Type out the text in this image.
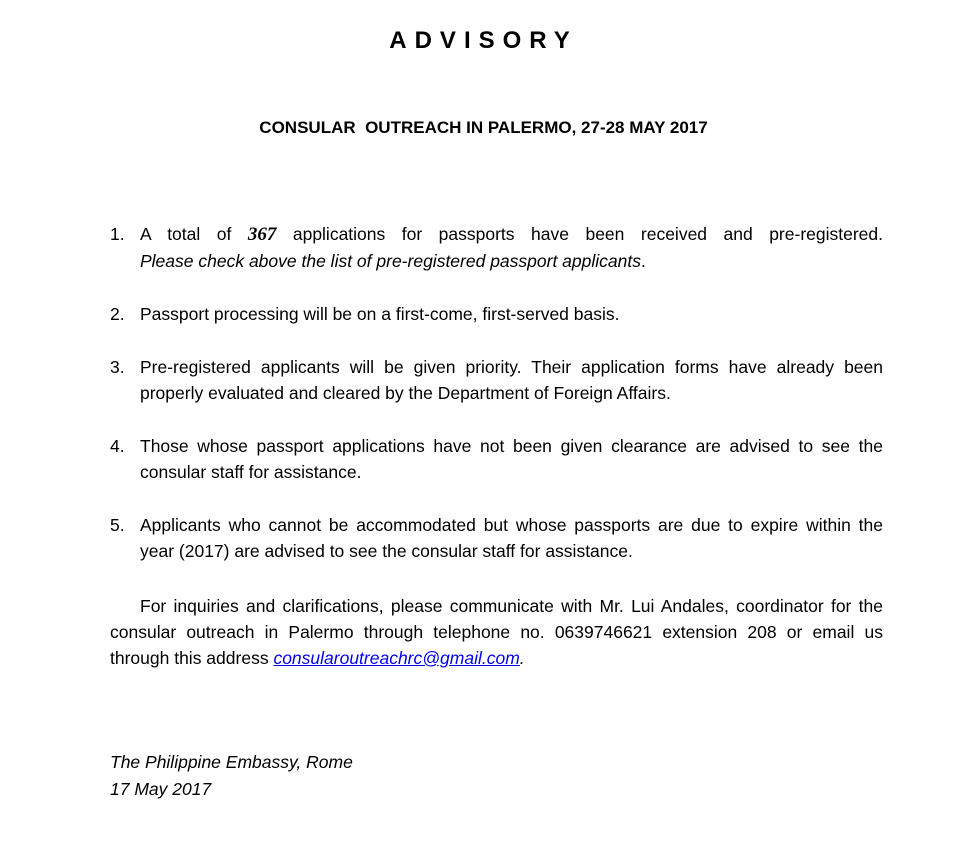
ADVISORY
CONSULAR  OUTREACH IN PALERMO, 27-28 MAY 2017
1. A total of 367 applications for passports have been received and pre-registered.
Please check above the list of pre-registered passport applicants.
2. Passport processing will be on a first-come, first-served basis.
3. Pre-registered applicants will be given priority. Their application forms have already been properly evaluated and cleared by the Department of Foreign Affairs.
4. Those whose passport applications have not been given clearance are advised to see the consular staff for assistance.
5. Applicants who cannot be accommodated but whose passports are due to expire within the year (2017) are advised to see the consular staff for assistance.
For inquiries and clarifications, please communicate with Mr. Lui Andales, coordinator for the consular outreach in Palermo through telephone no. 0639746621 extension 208 or email us through this address consularoutreachrc@gmail.com.
The Philippine Embassy, Rome
17 May 2017
